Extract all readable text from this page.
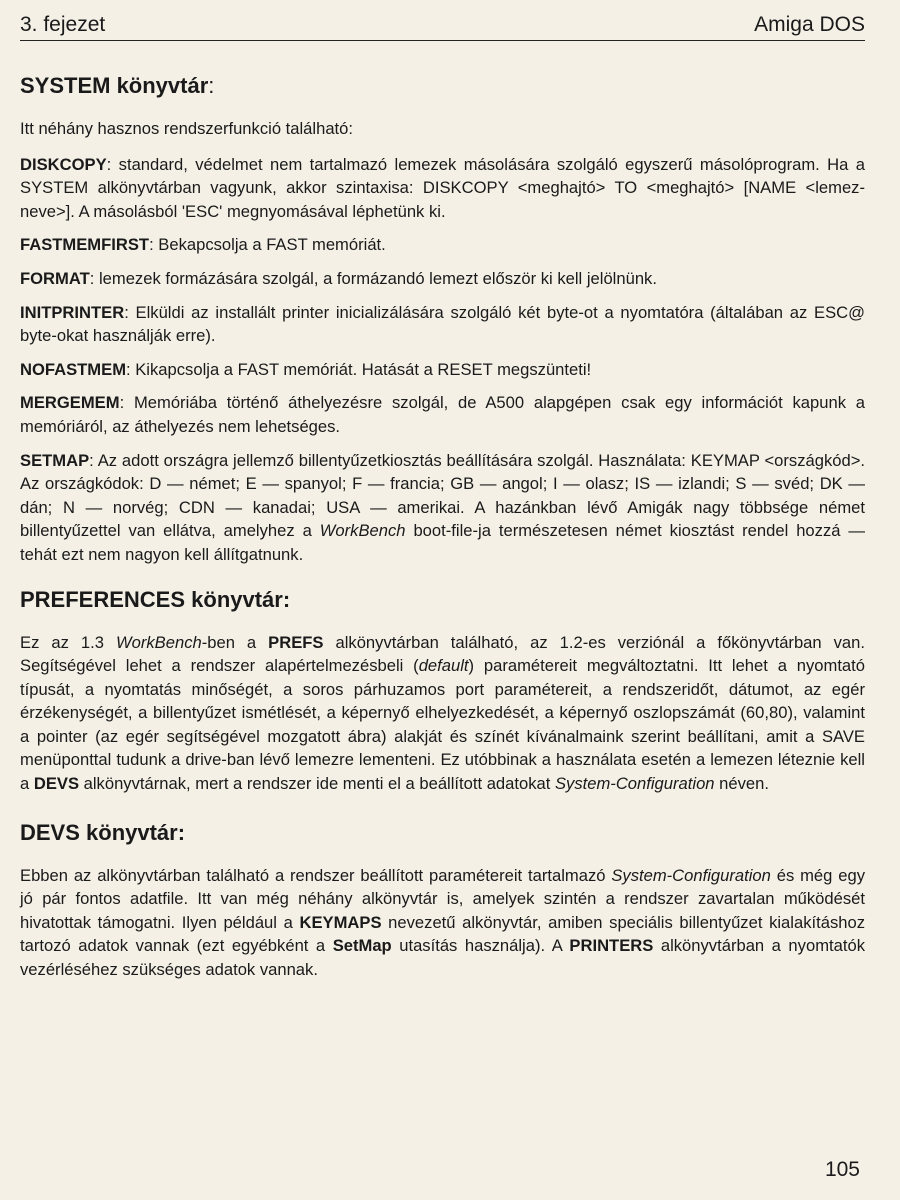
3. fejezet	Amiga DOS
SYSTEM könyvtár:

Itt néhány hasznos rendszerfunkció található:

DISKCOPY: standard, védelmet nem tartalmazó lemezek másolására szolgáló egyszerű másolóprogram. Ha a SYSTEM alkönyvtárban vagyunk, akkor szintaxisa: DISKCOPY <meghajtó> TO <meghajtó> [NAME <lemez-neve>]. A másolásból 'ESC' megnyomásával léphetünk ki.

FASTMEMFIRST: Bekapcsolja a FAST memóriát.

FORMAT: lemezek formázására szolgál, a formázandó lemezt először ki kell jelölnünk.

INITPRINTER: Elküldi az installált printer inicializálására szolgáló két byte-ot a nyomtatóra (általában az ESC@ byte-okat használják erre).

NOFASTMEM: Kikapcsolja a FAST memóriát. Hatását a RESET megszünteti!

MERGEMEM: Memóriába történő áthelyezésre szolgál, de A500 alapgépen csak egy információt kapunk a memóriáról, az áthelyezés nem lehetséges.

SETMAP: Az adott országra jellemző billentyűzetkiosztás beállítására szolgál. Használata: KEYMAP <országkód>. Az országkódok: D — német; E — spanyol; F — francia; GB — angol; I — olasz; IS — izlandi; S — svéd; DK — dán; N — norvég; CDN — kanadai; USA — amerikai. A hazánkban lévő Amigák nagy többsége német billentyűzettel van ellátva, amelyhez a WorkBench boot-file-ja természetesen német kiosztást rendel hozzá — tehát ezt nem nagyon kell állítgatnunk.

PREFERENCES könyvtár:

Ez az 1.3 WorkBench-ben a PREFS alkönyvtárban található, az 1.2-es verziónál a főkönyvtárban van. Segítségével lehet a rendszer alapértelmezésbeli (default) paramétereit megváltoztatni. Itt lehet a nyomtató típusát, a nyomtatás minőségét, a soros párhuzamos port paramétereit, a rendszeridőt, dátumot, az egér érzékenységét, a billentyűzet ismétlését, a képernyő elhelyezkedését, a képernyő oszlopszámát (60,80), valamint a pointer (az egér segítségével mozgatott ábra) alakját és színét kívánalmaink szerint beállítani, amit a SAVE menüponttal tudunk a drive-ban lévő lemezre lementeni. Ez utóbbinak a használata esetén a lemezen léteznie kell a DEVS alkönyvtárnak, mert a rendszer ide menti el a beállított adatokat System-Configuration néven.

DEVS könyvtár:

Ebben az alkönyvtárban található a rendszer beállított paramétereit tartalmazó System-Configuration és még egy jó pár fontos adatfile. Itt van még néhány alkönyvtár is, amelyek szintén a rendszer zavartalan működését hivatottak támogatni. Ilyen például a KEYMAPS nevezetű alkönyvtár, amiben speciális billentyűzet kialakításhoz tartozó adatok vannak (ezt egyébként a SetMap utasítás használja). A PRINTERS alkönyvtárban a nyomtatók vezérléséhez szükséges adatok vannak.

105
